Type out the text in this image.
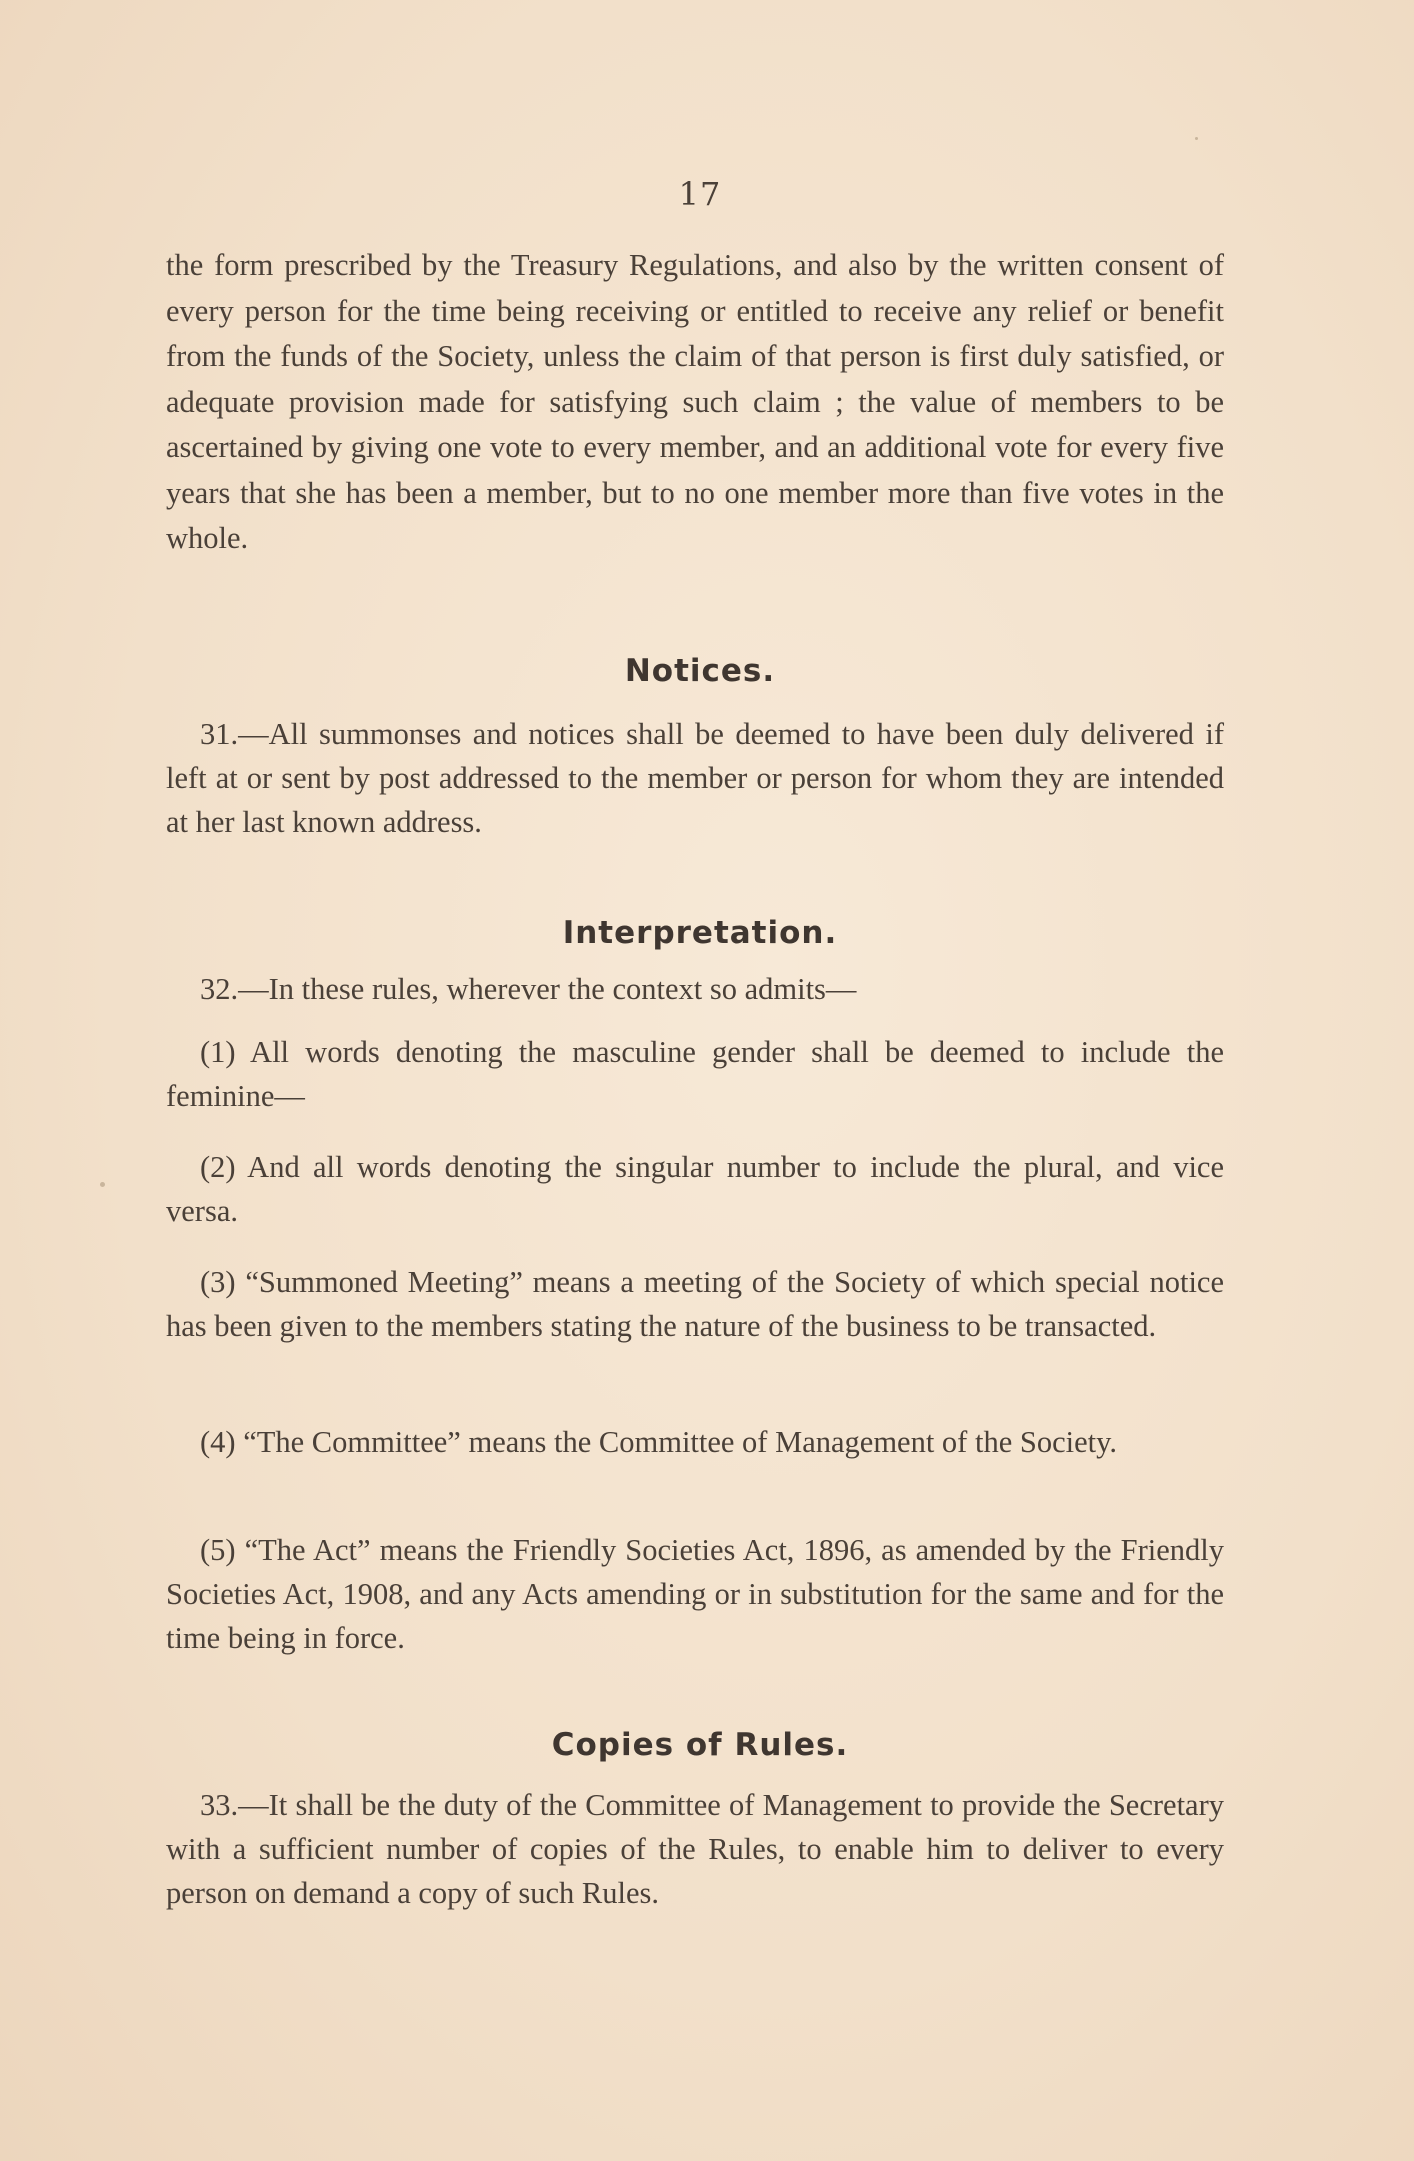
17
the form prescribed by the Treasury Regulations, and also by the written consent of every person for the time being receiving or entitled to receive any relief or benefit from the funds of the Society, unless the claim of that person is first duly satisfied, or adequate provision made for satisfying such claim ; the value of members to be ascertained by giving one vote to every member, and an additional vote for every five years that she has been a member, but to no one member more than five votes in the whole.
Notices.
31.—All summonses and notices shall be deemed to have been duly delivered if left at or sent by post addressed to the member or person for whom they are intended at her last known address.
Interpretation.
32.—In these rules, wherever the context so admits—
(1) All words denoting the masculine gender shall be deemed to include the feminine—
(2) And all words denoting the singular number to include the plural, and vice versa.
(3) “Summoned Meeting” means a meeting of the Society of which special notice has been given to the members stating the nature of the business to be transacted.
(4) “The Committee” means the Committee of Management of the Society.
(5) “The Act” means the Friendly Societies Act, 1896, as amended by the Friendly Societies Act, 1908, and any Acts amending or in substitution for the same and for the time being in force.
Copies of Rules.
33.—It shall be the duty of the Committee of Management to provide the Secretary with a sufficient number of copies of the Rules, to enable him to deliver to every person on demand a copy of such Rules.
